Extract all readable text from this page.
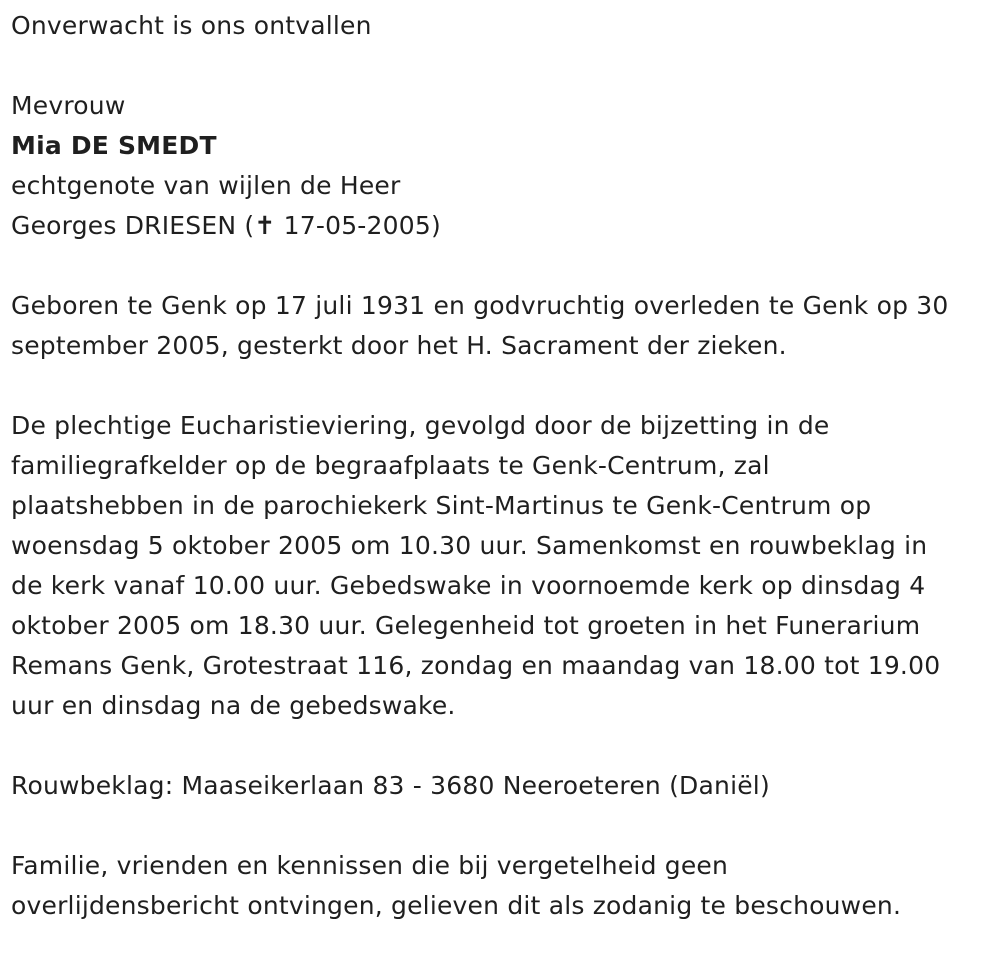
Onverwacht is ons ontvallen
Mevrouw
Mia DE SMEDT
echtgenote van wijlen de Heer
Georges DRIESEN (✝ 17-05-2005)
Geboren te Genk op 17 juli 1931 en godvruchtig overleden te Genk op 30
september 2005, gesterkt door het H. Sacrament der zieken.
De plechtige Eucharistieviering, gevolgd door de bijzetting in de
familiegrafkelder op de begraafplaats te Genk-Centrum, zal
plaatshebben in de parochiekerk Sint-Martinus te Genk-Centrum op
woensdag 5 oktober 2005 om 10.30 uur. Samenkomst en rouwbeklag in
de kerk vanaf 10.00 uur. Gebedswake in voornoemde kerk op dinsdag 4
oktober 2005 om 18.30 uur. Gelegenheid tot groeten in het Funerarium
Remans Genk, Grotestraat 116, zondag en maandag van 18.00 tot 19.00
uur en dinsdag na de gebedswake.
Rouwbeklag: Maaseikerlaan 83 - 3680 Neeroeteren (Daniël)
Familie, vrienden en kennissen die bij vergetelheid geen
overlijdensbericht ontvingen, gelieven dit als zodanig te beschouwen.
